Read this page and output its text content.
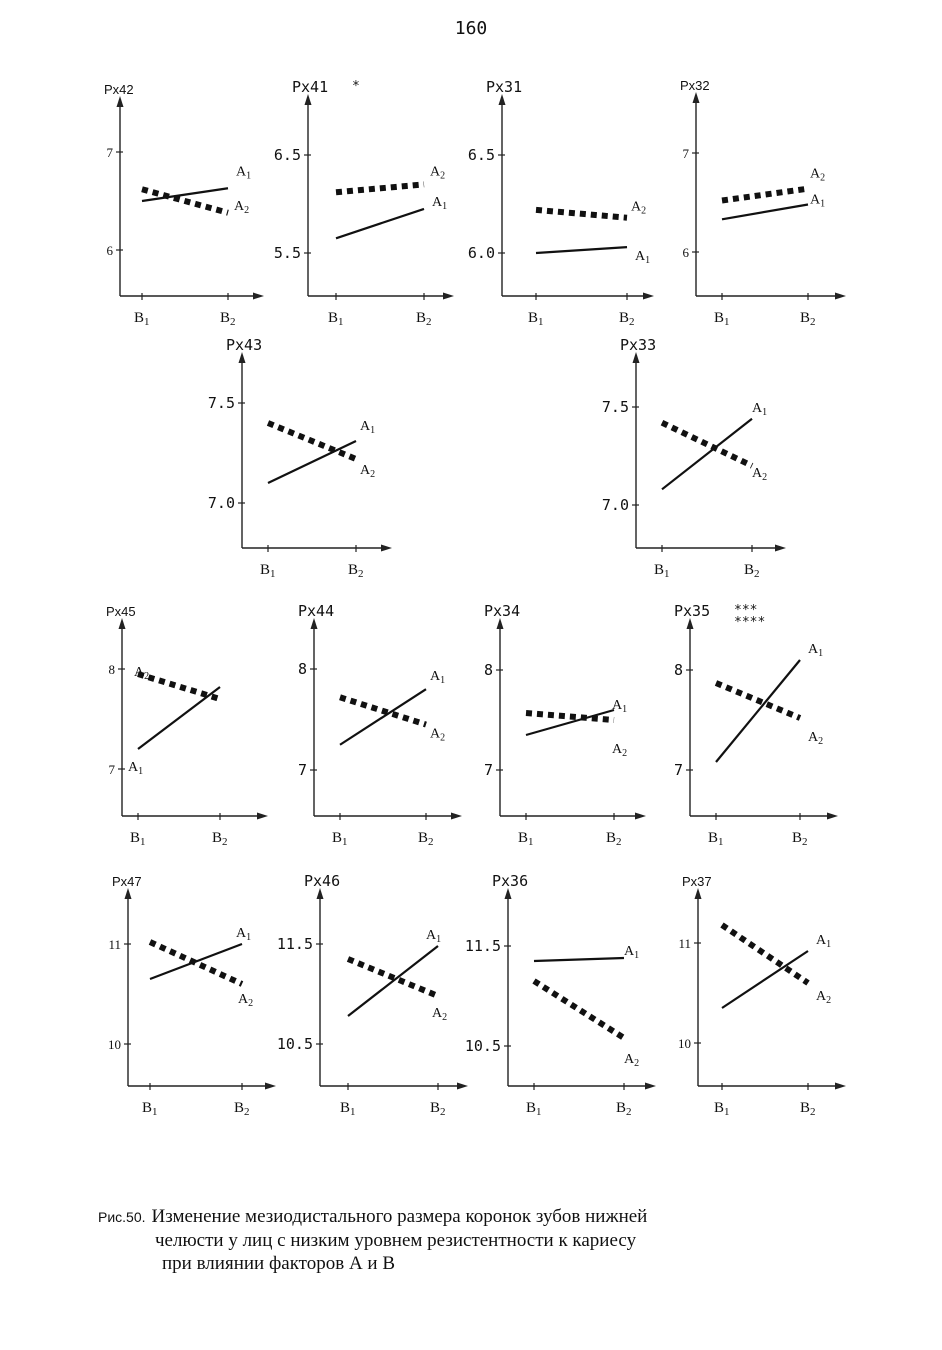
160
Px42
7
6
$B_1$	$B_2$
$A_1$
$A_2$
Px41 *
6.5
5.5
$B_1$	$B_2$
$A_1$
$A_2$
Px31
6.5
6.0
$B_1$	$B_2$
$A_1$
$A_2$
Px32
7
6
$B_1$	$B_2$
$A_1$
$A_2$
Px43
7.5
7.0
$B_1$	$B_2$
$A_1$
$A_2$
Px33
7.5
7.0
$B_1$	$B_2$
$A_1$
$A_2$
Px45
8
7
$B_1$	$B_2$
$A_1$
$A_2$
Px44
8
7
$B_1$	$B_2$
$A_1$
$A_2$
Px34
8
7
$B_1$	$B_2$
$A_1$
$A_2$
Px35 ***
****
8
7
$B_1$	$B_2$
$A_1$
$A_2$
Px47
11
10
$B_1$	$B_2$
$A_1$
$A_2$
Px46
11.5
10.5
$B_1$	$B_2$
$A_1$
$A_2$
Px36
11.5
10.5
$B_1$	$B_2$
$A_1$
$A_2$
Px37
11
10
$B_1$	$B_2$
$A_1$
$A_2$
Рис.50. Изменение мезиодистального размера коронок зубов нижней
челюсти у лиц с низким уровнем резистентности к кариесу
при влиянии факторов А и В
